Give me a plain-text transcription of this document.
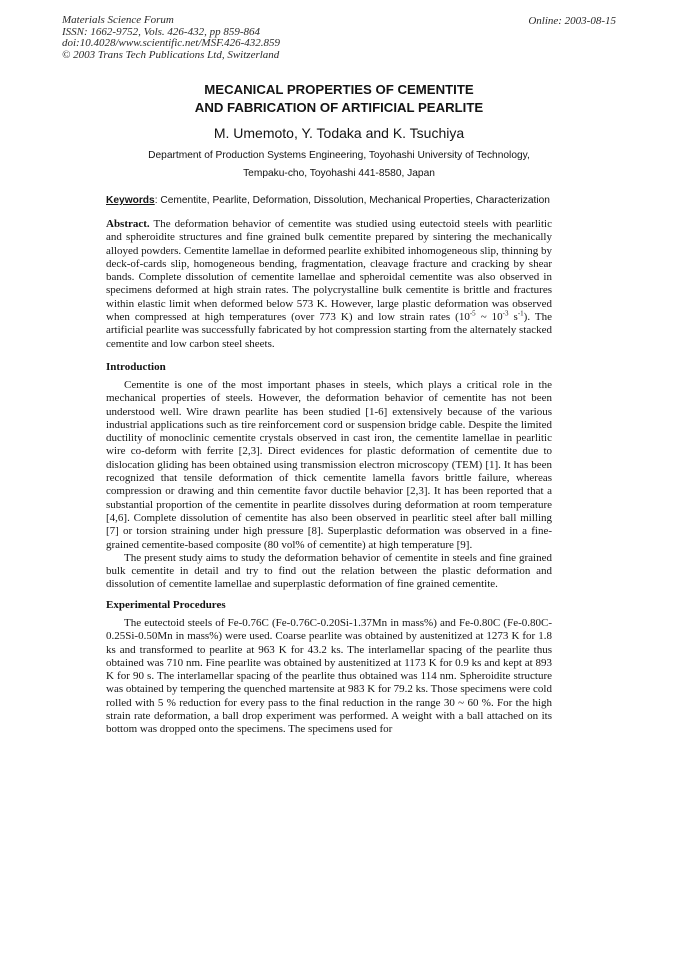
Materials Science Forum
ISSN: 1662-9752, Vols. 426-432, pp 859-864
doi:10.4028/www.scientific.net/MSF.426-432.859
© 2003 Trans Tech Publications Ltd, Switzerland
Online: 2003-08-15
MECANICAL PROPERTIES OF CEMENTITE
AND FABRICATION OF ARTIFICIAL PEARLITE
M. Umemoto, Y. Todaka and K. Tsuchiya
Department of Production Systems Engineering, Toyohashi University of Technology,
Tempaku-cho, Toyohashi 441-8580, Japan
Keywords: Cementite, Pearlite, Deformation, Dissolution, Mechanical Properties, Characterization

Abstract. The deformation behavior of cementite was studied using eutectoid steels with pearlitic and spheroidite structures and fine grained bulk cementite prepared by sintering the mechanically alloyed powders. Cementite lamellae in deformed pearlite exhibited inhomogeneous slip, thinning by deck-of-cards slip, homogeneous bending, fragmentation, cleavage fracture and cracking by shear bands. Complete dissolution of cementite lamellae and spheroidal cementite was also observed in specimens deformed at high strain rates. The polycrystalline bulk cementite is brittle and fractures within elastic limit when deformed below 573 K. However, large plastic deformation was observed when compressed at high temperatures (over 773 K) and low strain rates ($10^{-5}$ ~ $10^{-3}$ $s^{-1}$). The artificial pearlite was successfully fabricated by hot compression starting from the alternately stacked cementite and low carbon steel sheets.

Introduction

Cementite is one of the most important phases in steels, which plays a critical role in the mechanical properties of steels. However, the deformation behavior of cementite has not been understood well. Wire drawn pearlite has been studied [1-6] extensively because of the various industrial applications such as tire reinforcement cord or suspension bridge cable. Despite the limited ductility of monoclinic cementite crystals observed in cast iron, the cementite lamellae in pearlitic wire co-deform with ferrite [2,3]. Direct evidences for plastic deformation of cementite due to dislocation gliding has been obtained using transmission electron microscopy (TEM) [1]. It has been recognized that tensile deformation of thick cementite lamella favors brittle failure, whereas compression or drawing and thin cementite favor ductile behavior [2,3]. It has been reported that a substantial proportion of the cementite in pearlite dissolves during deformation at room temperature [4,6]. Complete dissolution of cementite has also been observed in pearlitic steel after ball milling [7] or torsion straining under high pressure [8]. Superplastic deformation was observed in a fine-grained cementite-based composite (80 vol% of cementite) at high temperature [9].

The present study aims to study the deformation behavior of cementite in steels and fine grained bulk cementite in detail and try to find out the relation between the plastic deformation and dissolution of cementite lamellae and superplastic deformation of fine grained cementite.

Experimental Procedures

The eutectoid steels of Fe-0.76C (Fe-0.76C-0.20Si-1.37Mn in mass%) and Fe-0.80C (Fe-0.80C-0.25Si-0.50Mn in mass%) were used. Coarse pearlite was obtained by austenitized at 1273 K for 1.8 ks and transformed to pearlite at 963 K for 43.2 ks. The interlamellar spacing of the pearlite thus obtained was 710 nm. Fine pearlite was obtained by austenitized at 1173 K for 0.9 ks and kept at 893 K for 90 s. The interlamellar spacing of the pearlite thus obtained was 114 nm. Spheroidite structure was obtained by tempering the quenched martensite at 983 K for 79.2 ks. Those specimens were cold rolled with 5 % reduction for every pass to the final reduction in the range 30 ~ 60 %. For the high strain rate deformation, a ball drop experiment was performed. A weight with a ball attached on its bottom was dropped onto the specimens. The specimens used for
